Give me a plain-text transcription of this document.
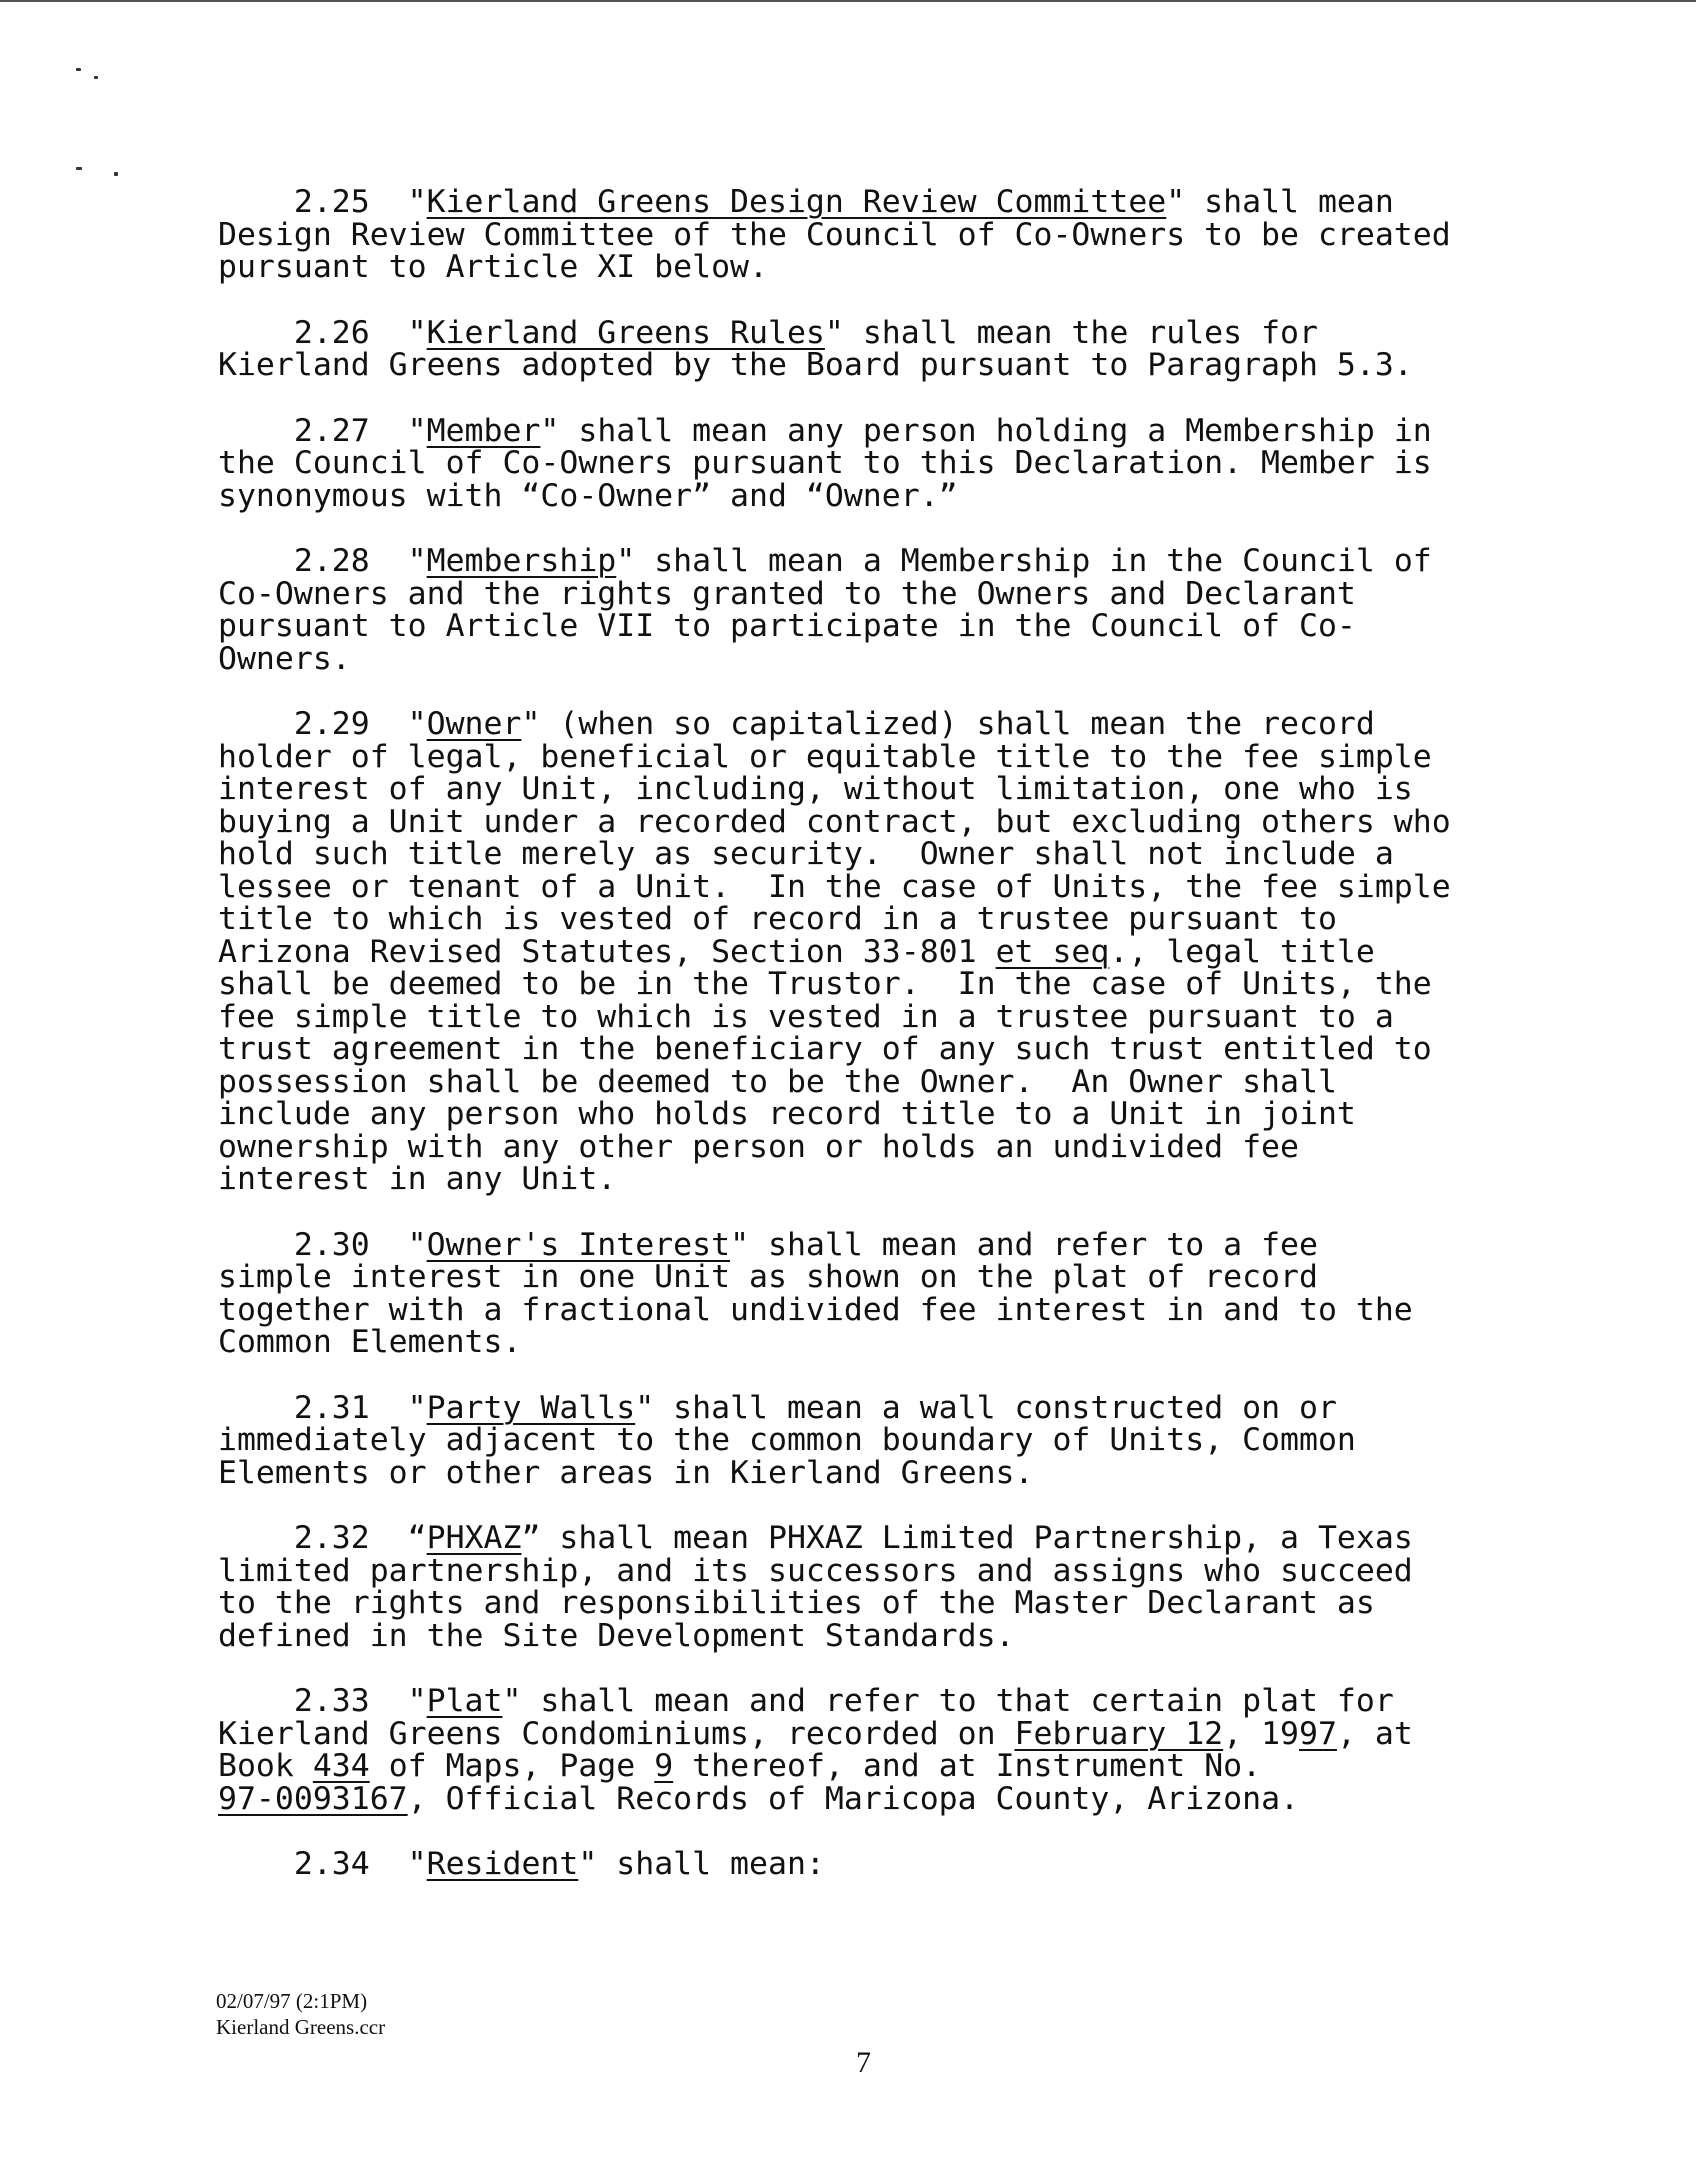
2.25  "Kierland Greens Design Review Committee" shall mean
Design Review Committee of the Council of Co-Owners to be created
pursuant to Article XI below.
2.26  "Kierland Greens Rules" shall mean the rules for
Kierland Greens adopted by the Board pursuant to Paragraph 5.3.
2.27  "Member" shall mean any person holding a Membership in
the Council of Co-Owners pursuant to this Declaration. Member is
synonymous with “Co-Owner” and “Owner.”
2.28  "Membership" shall mean a Membership in the Council of
Co-Owners and the rights granted to the Owners and Declarant
pursuant to Article VII to participate in the Council of Co-
Owners.
2.29  "Owner" (when so capitalized) shall mean the record
holder of legal, beneficial or equitable title to the fee simple
interest of any Unit, including, without limitation, one who is
buying a Unit under a recorded contract, but excluding others who
hold such title merely as security.  Owner shall not include a
lessee or tenant of a Unit.  In the case of Units, the fee simple
title to which is vested of record in a trustee pursuant to
Arizona Revised Statutes, Section 33-801 et seq., legal title
shall be deemed to be in the Trustor.  In the case of Units, the
fee simple title to which is vested in a trustee pursuant to a
trust agreement in the beneficiary of any such trust entitled to
possession shall be deemed to be the Owner.  An Owner shall
include any person who holds record title to a Unit in joint
ownership with any other person or holds an undivided fee
interest in any Unit.
2.30  "Owner's Interest" shall mean and refer to a fee
simple interest in one Unit as shown on the plat of record
together with a fractional undivided fee interest in and to the
Common Elements.
2.31  "Party Walls" shall mean a wall constructed on or
immediately adjacent to the common boundary of Units, Common
Elements or other areas in Kierland Greens.
2.32  “PHXAZ” shall mean PHXAZ Limited Partnership, a Texas
limited partnership, and its successors and assigns who succeed
to the rights and responsibilities of the Master Declarant as
defined in the Site Development Standards.
2.33  "Plat" shall mean and refer to that certain plat for
Kierland Greens Condominiums, recorded on February 12, 1997, at
Book 434 of Maps, Page 9 thereof, and at Instrument No.
97-0093167, Official Records of Maricopa County, Arizona.
2.34  "Resident" shall mean:
02/07/97 (2:1PM)
Kierland Greens.ccr
7
